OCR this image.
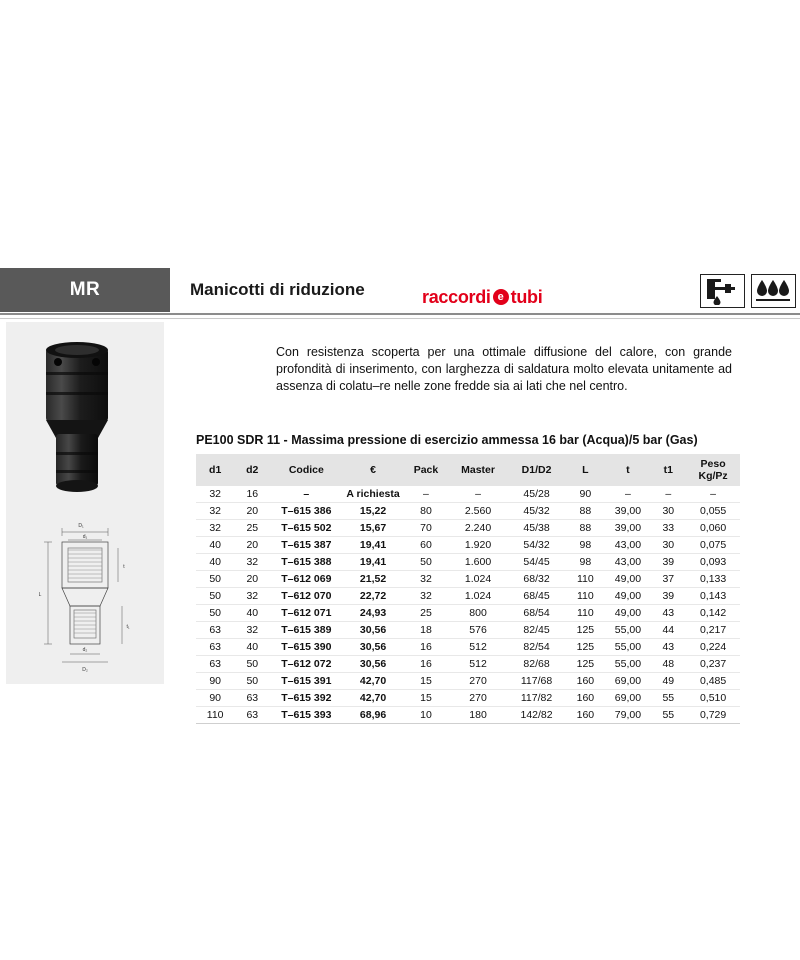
MR	Manicotti di riduzione	raccordi e tubi
D₁
d₁
L
t
t₁
d₂
D₂
Con resistenza scoperta per una ottimale diffusione del calore, con grande profondità di inserimento, con larghezza di saldatura molto elevata unitamente ad assenza di colatu–re nelle zone fredde sia ai lati che nel centro.
PE100 SDR 11 - Massima pressione di esercizio ammessa 16 bar (Acqua)/5 bar (Gas)
d1	d2	Codice	€	Pack	Master	D1/D2	L	t	t1	Peso Kg/Pz
32	16	–	A richiesta	–	–	45/28	90	–	–	–
32	20	T–615 386	15,22	80	2.560	45/32	88	39,00	30	0,055
32	25	T–615 502	15,67	70	2.240	45/38	88	39,00	33	0,060
40	20	T–615 387	19,41	60	1.920	54/32	98	43,00	30	0,075
40	32	T–615 388	19,41	50	1.600	54/45	98	43,00	39	0,093
50	20	T–612 069	21,52	32	1.024	68/32	110	49,00	37	0,133
50	32	T–612 070	22,72	32	1.024	68/45	110	49,00	39	0,143
50	40	T–612 071	24,93	25	800	68/54	110	49,00	43	0,142
63	32	T–615 389	30,56	18	576	82/45	125	55,00	44	0,217
63	40	T–615 390	30,56	16	512	82/54	125	55,00	43	0,224
63	50	T–612 072	30,56	16	512	82/68	125	55,00	48	0,237
90	50	T–615 391	42,70	15	270	117/68	160	69,00	49	0,485
90	63	T–615 392	42,70	15	270	117/82	160	69,00	55	0,510
110	63	T–615 393	68,96	10	180	142/82	160	79,00	55	0,729
